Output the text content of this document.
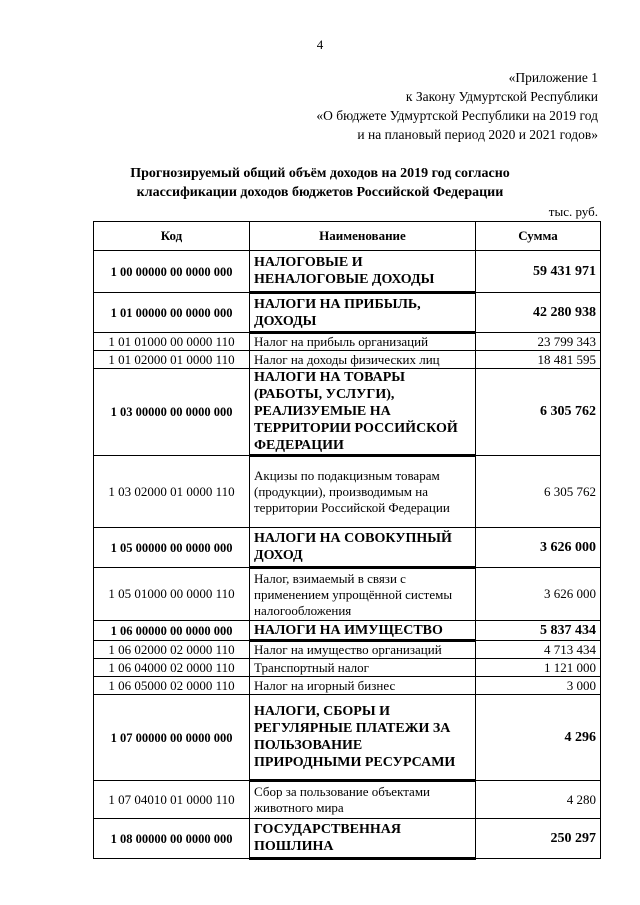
4
«Приложение 1
к Закону Удмуртской Республики
«О бюджете Удмуртской Республики на 2019 год
и на плановый период 2020 и 2021 годов»
Прогнозируемый общий объём доходов на 2019 год согласно
классификации доходов бюджетов Российской Федерации
тыс. руб.
Код	Наименование	Сумма
1 00 00000 00 0000 000	НАЛОГОВЫЕ И НЕНАЛОГОВЫЕ ДОХОДЫ	59 431 971
1 01 00000 00 0000 000	НАЛОГИ НА ПРИБЫЛЬ, ДОХОДЫ	42 280 938
1 01 01000 00 0000 110	Налог на прибыль организаций	23 799 343
1 01 02000 01 0000 110	Налог на доходы физических лиц	18 481 595
1 03 00000 00 0000 000	НАЛОГИ НА ТОВАРЫ (РАБОТЫ, УСЛУГИ), РЕАЛИЗУЕМЫЕ НА ТЕРРИТОРИИ РОССИЙСКОЙ ФЕДЕРАЦИИ	6 305 762
1 03 02000 01 0000 110	Акцизы по подакцизным товарам (продукции), производимым на территории Российской Федерации	6 305 762
1 05 00000 00 0000 000	НАЛОГИ НА СОВОКУПНЫЙ ДОХОД	3 626 000
1 05 01000 00 0000 110	Налог, взимаемый в связи с применением упрощённой системы налогообложения	3 626 000
1 06 00000 00 0000 000	НАЛОГИ НА ИМУЩЕСТВО	5 837 434
1 06 02000 02 0000 110	Налог на имущество организаций	4 713 434
1 06 04000 02 0000 110	Транспортный налог	1 121 000
1 06 05000 02 0000 110	Налог на игорный бизнес	3 000
1 07 00000 00 0000 000	НАЛОГИ, СБОРЫ И РЕГУЛЯРНЫЕ ПЛАТЕЖИ ЗА ПОЛЬЗОВАНИЕ ПРИРОДНЫМИ РЕСУРСАМИ	4 296
1 07 04010 01 0000 110	Сбор за пользование объектами животного мира	4 280
1 08 00000 00 0000 000	ГОСУДАРСТВЕННАЯ ПОШЛИНА	250 297
